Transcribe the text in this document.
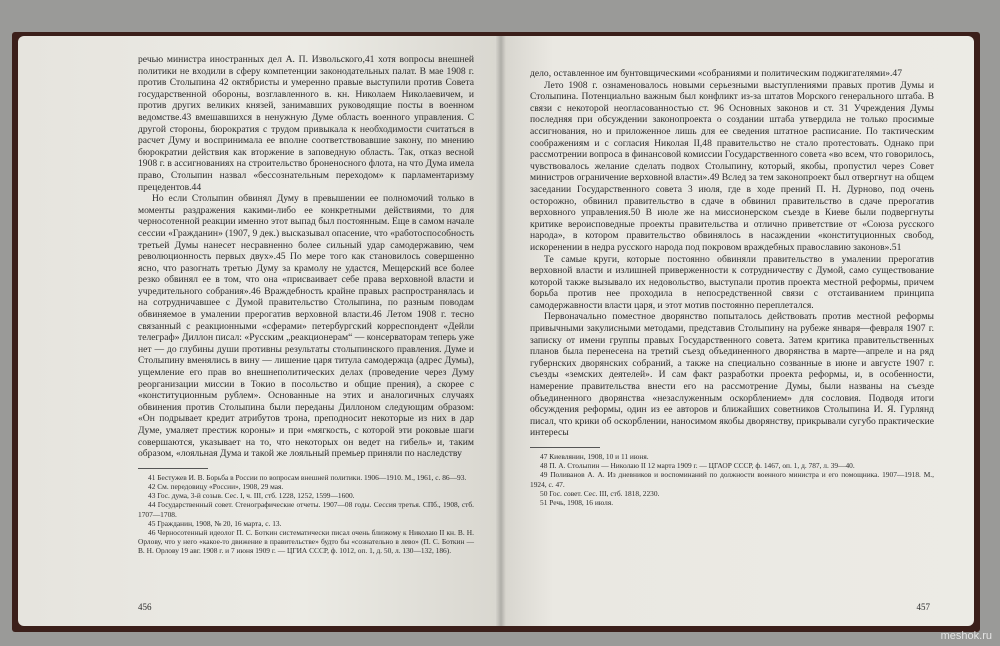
речью министра иностранных дел А. П. Извольского,41 хотя вопросы внешней политики не входили в сферу компетенции законодательных палат. В мае 1908 г. против Столыпина 42 октябристы и умеренно правые выступили против Совета государственной обороны, возглавленного в. кн. Николаем Николаевичем, и против других великих князей, занимавших руководящие посты в военном ведомстве.43 вмешавшихся в ненужную Думе область военного управления. С другой стороны, бюрократия с трудом привыкала к необходимости считаться в расчет Думу и воспринимала ее вполне соответствовавшие закону, по мнению бюрократии действия как вторжение в заповедную область. Так, отказ весной 1908 г. в ассигнованиях на строительство броненосного флота, на что Дума имела право, Столыпин назвал «бессознательным переходом» к парламентаризму прецедентов.44

Но если Столыпин обвинял Думу в превышении ее полномочий только в моменты раздражения какими-либо ее конкретными действиями, то для черносотенной реакции именно этот выпад был постоянным. Еще в самом начале сессии «Гражданин» (1907, 9 дек.) высказывал опасение, что «работоспособность третьей Думы нанесет несравненно более сильный удар самодержавию, чем революционность первых двух».45 По мере того как становилось совершенно ясно, что разогнать третью Думу за крамолу не удастся, Мещерский все более резко обвинял ее в том, что она «присваивает себе права верховной власти и учредительного собрания».46 Враждебность крайне правых распространялась и на сотрудничавшее с Думой правительство Столыпина, по разным поводам обвиняемое в умалении прерогатив верховной власти.46 Летом 1908 г. тесно связанный с реакционными «сферами» петербургский корреспондент «Дейли телеграф» Диллон писал: «Русским „реакционерам“ — консерваторам теперь уже нет — до глубины души противны результаты столыпинского правления. Думе и Столыпину вменялись в вину — лишение царя титула самодержца (адрес Думы), ущемление его прав во внешнеполитических делах (проведение через Думу реорганизации миссии в Токио в посольство и общие прения), а скорее с «конституционным рублем». Основанные на этих и аналогичных случаях обвинения против Столыпина были переданы Диллоном следующим образом: «Он подрывает кредит атрибутов трона, преподносит некоторые из них в дар Думе, умаляет престиж короны» и при «мягкость, с которой эти роковые шаги совершаются, указывает на то, что некоторых он ведет на гибель» и, таким образом, «лояльная Дума и такой же лояльный премьер приняли по наследству

41 Бестужев И. В. Борьба в России по вопросам внешней политики. 1906—1910. М., 1961, с. 86—93.

42 См. передовицу «России», 1908, 29 мая.

43 Гос. дума, 3-й созыв. Сес. I, ч. III, стб. 1228, 1252, 1599—1600.

44 Государственный совет. Стенографические отчеты. 1907—08 годы. Сессия третья. СПб., 1908, стб. 1707—1708.

45 Гражданин, 1908, № 20, 16 марта, с. 13.

46 Черносотенный идеолог П. С. Боткин систематически писал очень близкому к Николаю II кн. В. Н. Орлову, что у него «какое-то движение в правительстве» будто бы «сознательно в лево» (П. С. Боткин — В. Н. Орлову 19 авг. 1908 г. и 7 июня 1909 г. — ЦГИА СССР, ф. 1012, оп. 1, д. 50, л. 130—132, 186).

456

дело, оставленное им бунтовщическими «собраниями и политическим поджигателями».47

Лето 1908 г. ознаменовалось новыми серьезными выступлениями правых против Думы и Столыпина. Потенциально важным был конфликт из-за штатов Морского генерального штаба. В связи с некоторой неогласованностью ст. 96 Основных законов и ст. 31 Учреждения Думы последняя при обсуждении законопроекта о создании штаба утвердила не только просимые ассигнования, но и приложенное лишь для ее сведения штатное расписание. По тактическим соображениям и с согласия Николая II,48 правительство не стало протестовать. Однако при рассмотрении вопроса в финансовой комиссии Государственного совета «во всем, что говорилось, чувствовалось желание сделать подвох Столыпину, который, якобы, пропустил через Совет министров ограничение верховной власти».49 Вслед за тем законопроект был отвергнут на общем заседании Государственного совета 3 июля, где в ходе прений П. Н. Дурново, под очень осторожно, обвинил правительство в сдаче в обвинил правительство в сдаче прерогатив верховного управления.50 В июле же на миссионерском съезде в Киеве были подвергнуты критике вероисповедные проекты правительства и отлично приветствие от «Союза русского народа», в котором правительство обвинялось в насаждении «конституционных свобод, искоренении в недра русского народа под покровом враждебных православию законов».51

Те самые круги, которые постоянно обвиняли правительство в умалении прерогатив верховной власти и излишней приверженности к сотрудничеству с Думой, само существование которой также вызывало их недовольство, выступали против проекта местной реформы, причем борьба против нее проходила в непосредственной связи с отстаиванием принципа самодержавности власти царя, и этот мотив постоянно переплетался.

Первоначально поместное дворянство попыталось действовать против местной реформы привычными закулисными методами, представив Столыпину на рубеже января—февраля 1907 г. записку от имени группы правых Государственного совета. Затем критика правительственных планов была перенесена на третий съезд объединенного дворянства в марте—апреле и на ряд губернских дворянских собраний, а также на специально созванные в июне и августе 1907 г. съезды «земских деятелей». И сам факт разработки проекта реформы, и, в особенности, намерение правительства внести его на рассмотрение Думы, были названы на съезде объединенного дворянства «незаслуженным оскорблением» для сословия. Подводя итоги обсуждения реформы, один из ее авторов и ближайших советников Столыпина И. Я. Гурлянд писал, что крики об оскорблении, наносимом якобы дворянству, прикрывали сугубо практические интересы

47 Киевлянин, 1908, 10 и 11 июня.

48 П. А. Столыпин — Николаю II 12 марта 1909 г. — ЦГАОР СССР, ф. 1467, оп. 1, д. 787, л. 39—40.

49 Поливанов А. А. Из дневников и воспоминаний по должности военного министра и его помощника. 1907—1918. М., 1924, с. 47.

50 Гос. совет. Сес. III, стб. 1818, 2230.

51 Речь, 1908, 16 июля.

457
meshok.ru
